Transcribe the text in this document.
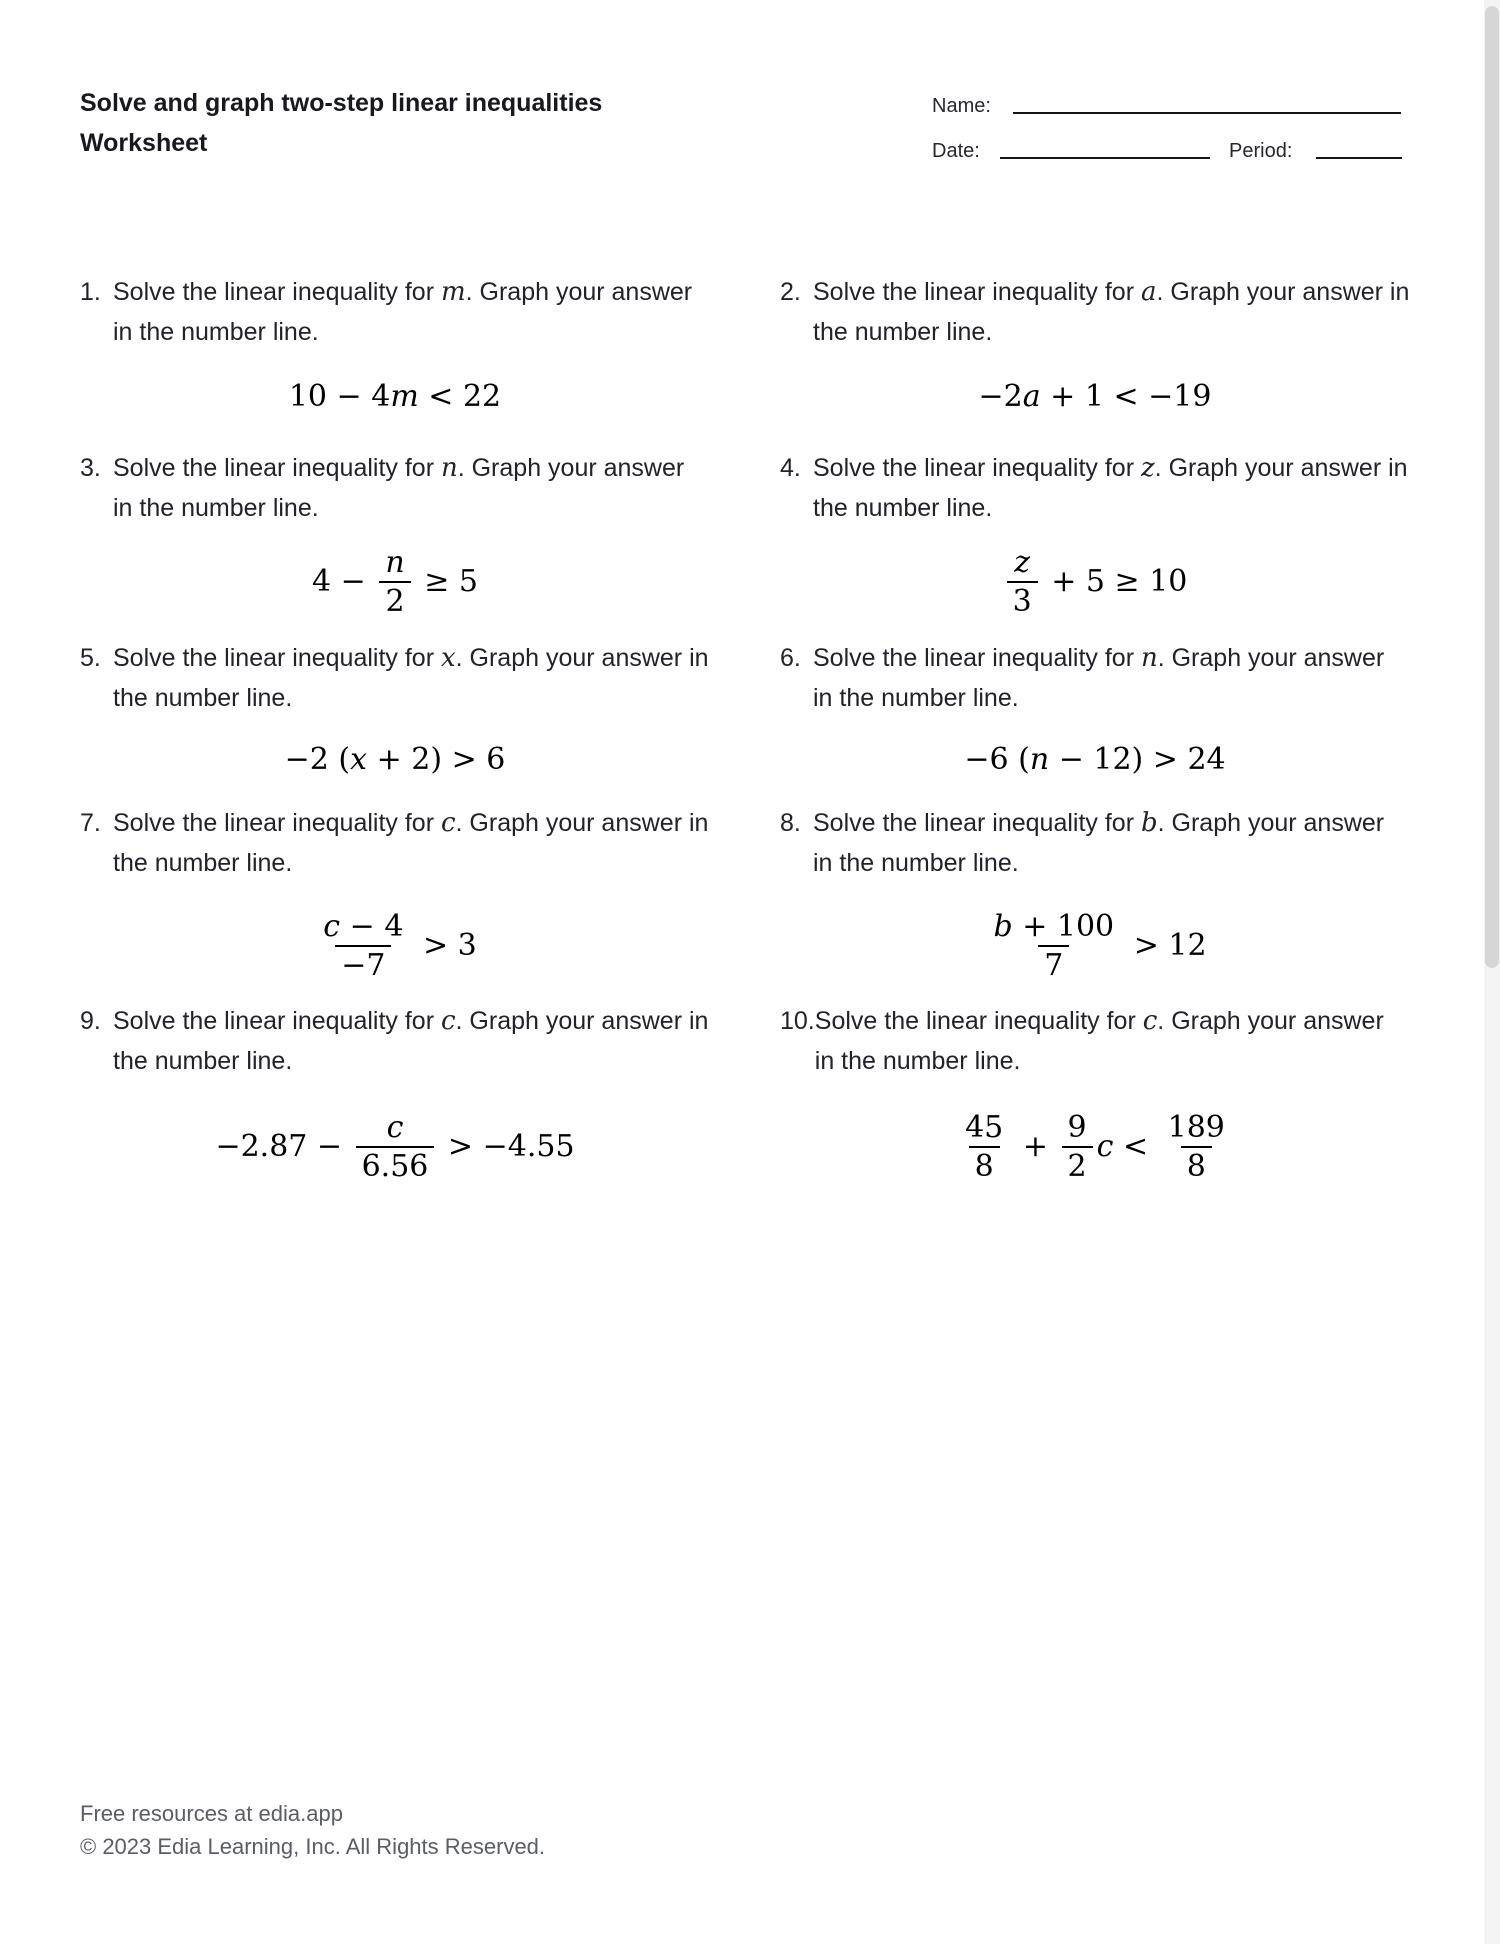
Solve and graph two-step linear inequalities
Worksheet
Name:
Date:	Period:
1. Solve the linear inequality for m. Graph your answer in the number line.
10 − 4 m < 22
2. Solve the linear inequality for a. Graph your answer in the number line.
−2 a + 1 < −19
3. Solve the linear inequality for n. Graph your answer in the number line.
$4 - \frac{n}{2} \ge 5$
4. Solve the linear inequality for z. Graph your answer in the number line.
$\frac{z}{3} + 5 \ge 10$
5. Solve the linear inequality for x. Graph your answer in the number line.
−2 ( x + 2) > 6
6. Solve the linear inequality for n. Graph your answer in the number line.
−6 ( n − 12) > 24
7. Solve the linear inequality for c. Graph your answer in the number line.
$\frac{c - 4}{-7} > 3$
8. Solve the linear inequality for b. Graph your answer in the number line.
$\frac{b + 100}{7} > 12$
9. Solve the linear inequality for c. Graph your answer in the number line.
$-2.87 - \frac{c}{6.56} > -4.55$
10. Solve the linear inequality for c. Graph your answer in the number line.
$\frac{45}{8} + \frac{9}{2}$ $c < \frac{189}{8}$
Free resources at edia.app
© 2023 Edia Learning, Inc. All Rights Reserved.
